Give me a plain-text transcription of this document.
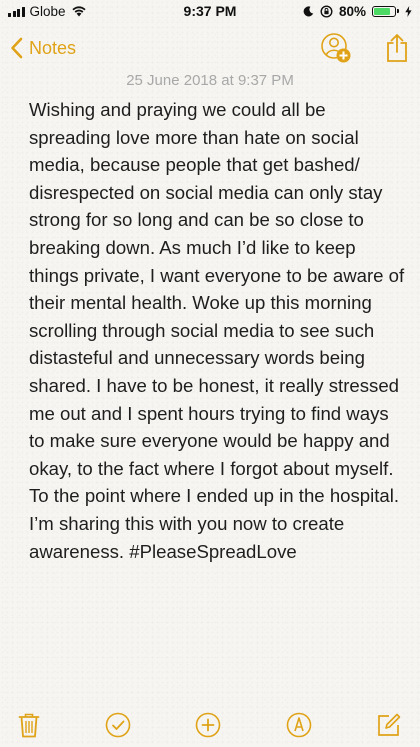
Globe	9:37 PM	80%
Notes
25 June 2018 at 9:37 PM
Wishing and praying we could all be spreading love more than hate on social media, because people that get bashed/ disrespected on social media can only stay strong for so long and can be so close to breaking down. As much I’d like to keep things private, I want everyone to be aware of their mental health. Woke up this morning scrolling through social media to see such distasteful and unnecessary words being shared. I have to be honest, it really stressed me out and I spent hours trying to find ways to make sure everyone would be happy and okay, to the fact where I forgot about myself. To the point where I ended up in the hospital. I’m sharing this with you now to create awareness. #PleaseSpreadLove
